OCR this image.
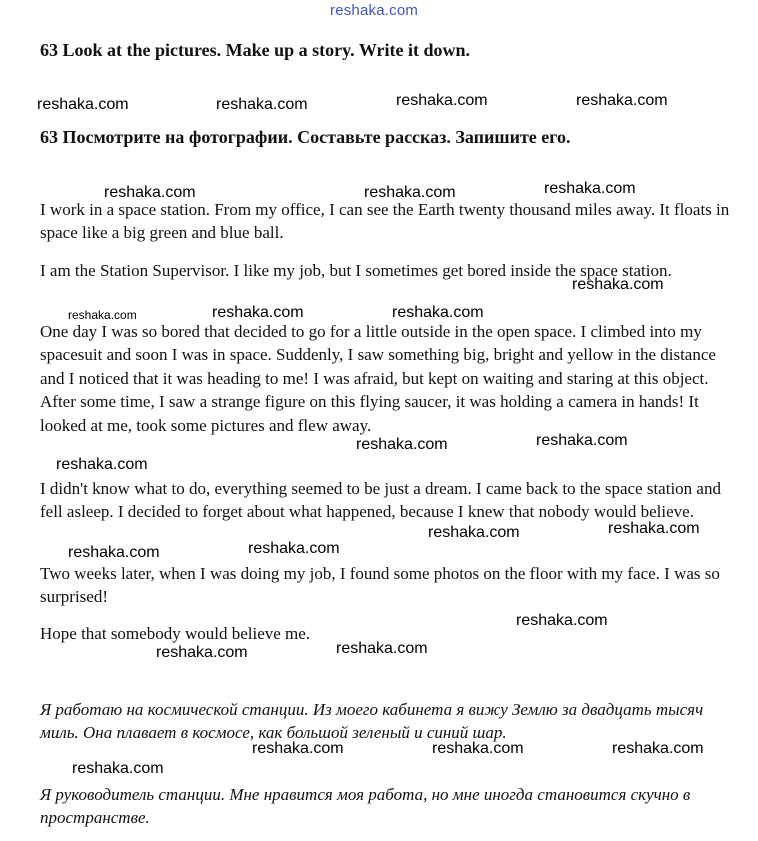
reshaka.com
63 Look at the pictures. Make up a story. Write it down.
63 Посмотрите на фотографии. Составьте рассказ. Запишите его.

I work in a space station. From my office, I can see the Earth twenty thousand miles away. It floats in space like a big green and blue ball.

I am the Station Supervisor. I like my job, but I sometimes get bored inside the space station.

One day I was so bored that decided to go for a little outside in the open space. I climbed into my spacesuit and soon I was in space. Suddenly, I saw something big, bright and yellow in the distance and I noticed that it was heading to me! I was afraid, but kept on waiting and staring at this object. After some time, I saw a strange figure on this flying saucer, it was holding a camera in hands! It looked at me, took some pictures and flew away.

I didn't know what to do, everything seemed to be just a dream. I came back to the space station and fell asleep. I decided to forget about what happened, because I knew that nobody would believe.

Two weeks later, when I was doing my job, I found some photos on the floor with my face. I was so surprised!

Hope that somebody would believe me.

Я работаю на космической станции. Из моего кабинета я вижу Землю за двадцать тысяч миль. Она плавает в космосе, как большой зеленый и синий шар.

Я руководитель станции. Мне нравится моя работа, но мне иногда становится скучно в пространстве.

reshaka.com	reshaka.com	reshaka.com	reshaka.com
reshaka.com	reshaka.com	reshaka.com
reshaka.com
reshaka.com	reshaka.com	reshaka.com
reshaka.com
reshaka.com
reshaka.com
reshaka.com	reshaka.com
reshaka.com
reshaka.com
reshaka.com
reshaka.com
reshaka.com
reshaka.com	reshaka.com	reshaka.com
reshaka.com
